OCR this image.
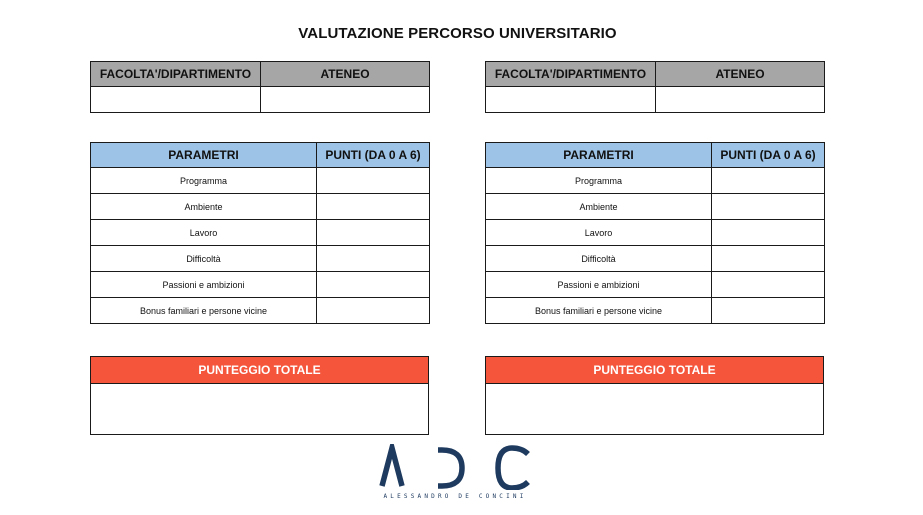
VALUTAZIONE PERCORSO UNIVERSITARIO
FACOLTA'/DIPARTIMENTO	ATENEO

PARAMETRI	PUNTI (DA 0 A 6)
Programma	
Ambiente	
Lavoro	
Difficoltà	
Passioni e ambizioni	
Bonus familiari e persone vicine	
PUNTEGGIO TOTALE

FACOLTA'/DIPARTIMENTO	ATENEO

PARAMETRI	PUNTI (DA 0 A 6)
Programma	
Ambiente	
Lavoro	
Difficoltà	
Passioni e ambizioni	
Bonus familiari e persone vicine	
PUNTEGGIO TOTALE

ALESSANDRO DE CONCINI
